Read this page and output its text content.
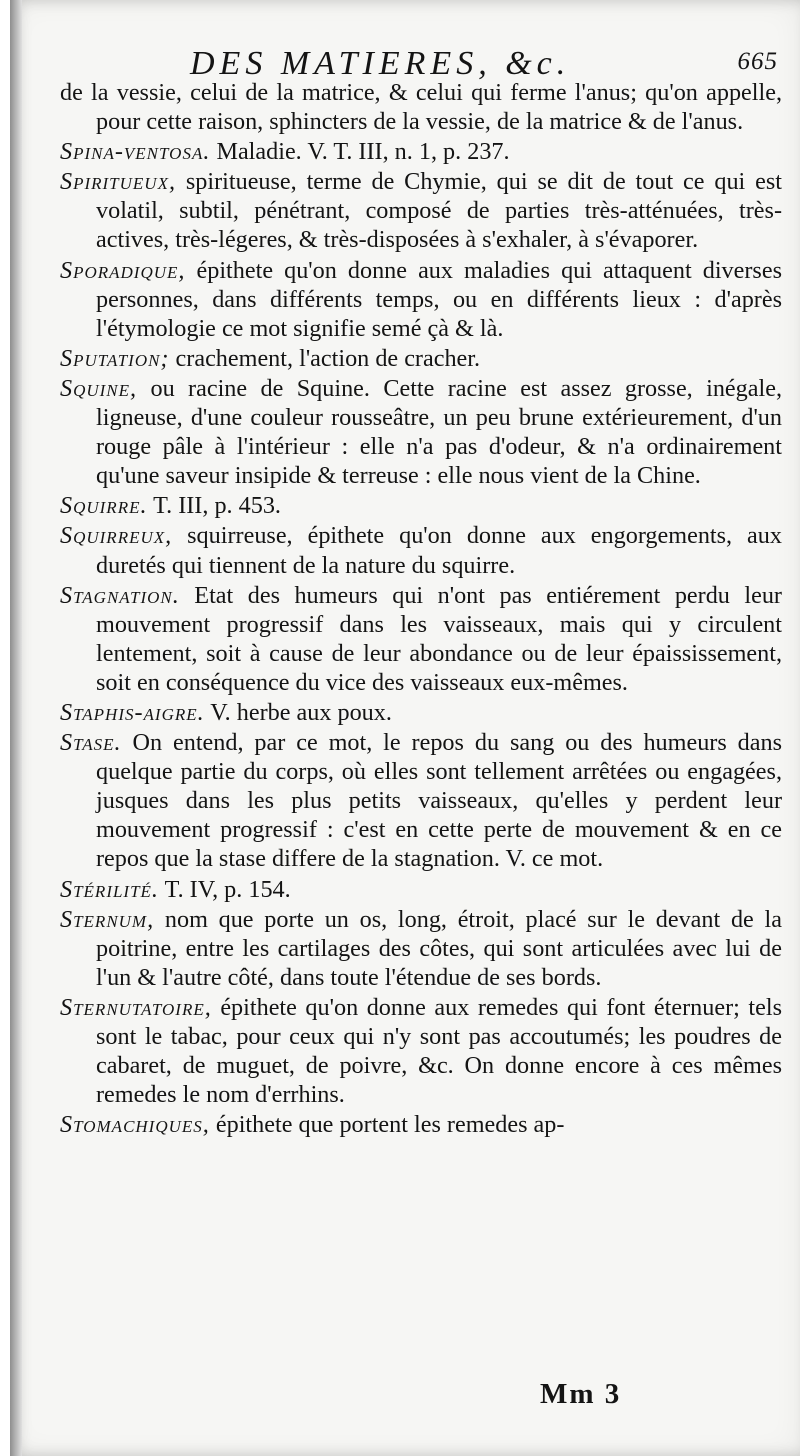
DES MATIERES, &c.	665

de la vessie, celui de la matrice, & celui qui ferme l'anus; qu'on appelle, pour cette raison, sphincters de la vessie, de la matrice & de l'anus.

Spina-ventosa. Maladie. V. T. III, n. 1, p. 237.

Spiritueux, spiritueuse, terme de Chymie, qui se dit de tout ce qui est volatil, subtil, pénétrant, composé de parties très-atténuées, très-actives, très-légeres, & très-disposées à s'exhaler, à s'évaporer.

Sporadique, épithete qu'on donne aux maladies qui attaquent diverses personnes, dans différents temps, ou en différents lieux : d'après l'étymologie ce mot signifie semé çà & là.

Sputation; crachement, l'action de cracher.

Squine, ou racine de Squine. Cette racine est assez grosse, inégale, ligneuse, d'une couleur rousseâtre, un peu brune extérieurement, d'un rouge pâle à l'intérieur : elle n'a pas d'odeur, & n'a ordinairement qu'une saveur insipide & terreuse : elle nous vient de la Chine.

Squirre. T. III, p. 453.

Squirreux, squirreuse, épithete qu'on donne aux engorgements, aux duretés qui tiennent de la nature du squirre.

Stagnation. Etat des humeurs qui n'ont pas entiérement perdu leur mouvement progressif dans les vaisseaux, mais qui y circulent lentement, soit à cause de leur abondance ou de leur épaississement, soit en conséquence du vice des vaisseaux eux-mêmes.

Staphis-aigre. V. herbe aux poux.

Stase. On entend, par ce mot, le repos du sang ou des humeurs dans quelque partie du corps, où elles sont tellement arrêtées ou engagées, jusques dans les plus petits vaisseaux, qu'elles y perdent leur mouvement progressif : c'est en cette perte de mouvement & en ce repos que la stase differe de la stagnation. V. ce mot.

Stérilité. T. IV, p. 154.

Sternum, nom que porte un os, long, étroit, placé sur le devant de la poitrine, entre les cartilages des côtes, qui sont articulées avec lui de l'un & l'autre côté, dans toute l'étendue de ses bords.

Sternutatoire, épithete qu'on donne aux remedes qui font éternuer; tels sont le tabac, pour ceux qui n'y sont pas accoutumés; les poudres de cabaret, de muguet, de poivre, &c. On donne encore à ces mêmes remedes le nom d'errhins.

Stomachiques, épithete que portent les remedes ap-

Mm 3
